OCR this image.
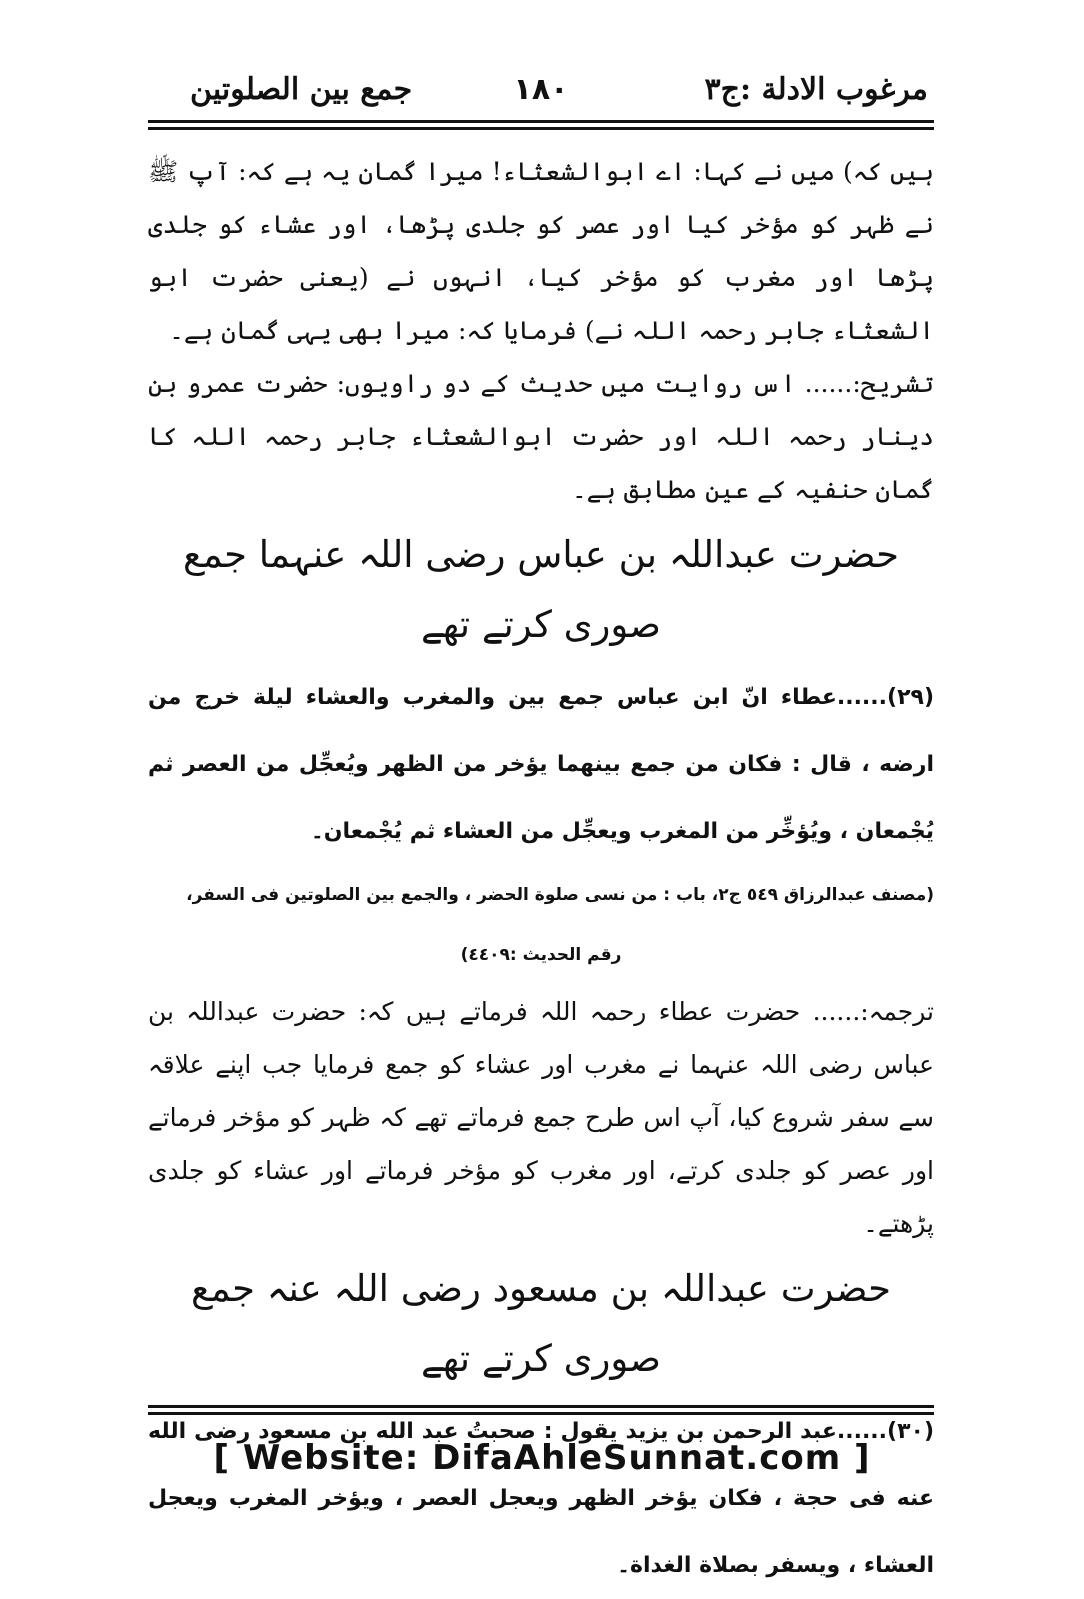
مرغوب الادلة :ج٣
١٨٠
جمع بین الصلوتین

ہیں کہ) میں نے کہا: اے ابوالشعثاء! میرا گمان یہ ہے کہ: آپ ﷺ نے ظہر کو مؤخر کیا اور عصر کو جلدی پڑھا، اور عشاء کو جلدی پڑھا اور مغرب کو مؤخر کیا، انہوں نے (یعنی حضرت ابو الشعثاء جابر رحمہ اللہ نے) فرمایا کہ: میرا بھی یہی گمان ہے۔

تشریح:...... اس روایت میں حدیث کے دو راویوں: حضرت عمرو بن دینار رحمہ اللہ اور حضرت ابوالشعثاء جابر رحمہ اللہ کا گمان حنفیہ کے عین مطابق ہے۔

حضرت عبداللہ بن عباس رضی اللہ عنہما جمع صوری کرتے تھے

(٢٩)......عطاء انّ ابن عباس جمع بين والمغرب والعشاء ليلة خرج من ارضه ، قال : فكان من جمع بينهما يؤخر من الظهر ويُعجِّل من العصر ثم يُجْمعان ، ويُؤخِّر من المغرب ويعجِّل من العشاء ثم يُجْمعان۔

(مصنف عبدالرزاق ٥٤٩ ج٢، باب : من نسى صلوة الحضر ، والجمع بين الصلوتين فى السفر،

رقم الحديث :٤٤٠٩)

ترجمہ:...... حضرت عطاء رحمہ اللہ فرماتے ہیں کہ: حضرت عبداللہ بن عباس رضی اللہ عنہما نے مغرب اور عشاء کو جمع فرمایا جب اپنے علاقہ سے سفر شروع کیا، آپ اس طرح جمع فرماتے تھے کہ ظہر کو مؤخر فرماتے اور عصر کو جلدی کرتے، اور مغرب کو مؤخر فرماتے اور عشاء کو جلدی پڑھتے۔

حضرت عبداللہ بن مسعود رضی اللہ عنہ جمع صوری کرتے تھے

(٣٠)......عبد الرحمن بن يزيد يقول : صحبتُ عبد الله بن مسعود رضى الله عنه فى حجة ، فكان يؤخر الظهر ويعجل العصر ، ويؤخر المغرب ويعجل العشاء ، ويسفر بصلاة الغداة۔

[ Website: DifaAhleSunnat.com ]
